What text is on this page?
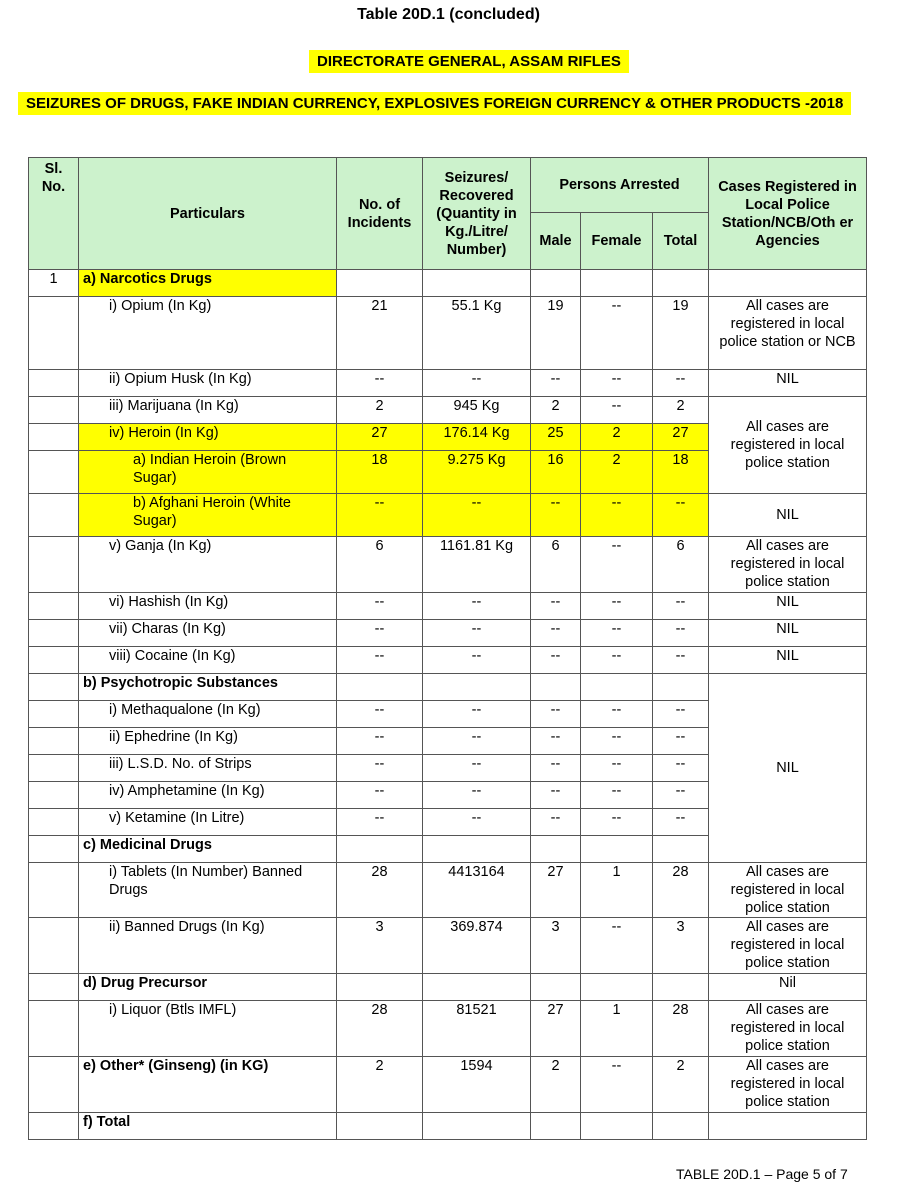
Table 20D.1 (concluded)
DIRECTORATE GENERAL, ASSAM RIFLES
SEIZURES OF DRUGS, FAKE INDIAN CURRENCY, EXPLOSIVES FOREIGN CURRENCY & OTHER PRODUCTS -2018
Sl. No.	Particulars	No. of Incidents	Seizures/ Recovered (Quantity in Kg./Litre/ Number)	Persons Arrested			Cases Registered in Local Police Station/NCB/Oth er Agencies
				Male	Female	Total	
1	a) Narcotics Drugs						
	i) Opium (In Kg)	21	55.1 Kg	19	--	19	All cases are registered in local police station or NCB
	ii) Opium Husk (In Kg)	--	--	--	--	--	NIL
	iii) Marijuana (In Kg)	2	945 Kg	2	--	2	All cases are registered in local police station
	iv) Heroin (In Kg)	27	176.14 Kg	25	2	27	
	a) Indian Heroin (Brown Sugar)	18	9.275 Kg	16	2	18	
	b) Afghani Heroin (White Sugar)	--	--	--	--	--	NIL
	v) Ganja (In Kg)	6	1161.81 Kg	6	--	6	All cases are registered in local police station
	vi) Hashish (In Kg)	--	--	--	--	--	NIL
	vii) Charas (In Kg)	--	--	--	--	--	NIL
	viii) Cocaine (In Kg)	--	--	--	--	--	NIL
	b) Psychotropic Substances						NIL
	i) Methaqualone (In Kg)	--	--	--	--	--	
	ii) Ephedrine (In Kg)	--	--	--	--	--	
	iii) L.S.D. No. of Strips	--	--	--	--	--	
	iv) Amphetamine (In Kg)	--	--	--	--	--	
	v) Ketamine (In Litre)	--	--	--	--	--	
	c) Medicinal Drugs						
	i) Tablets (In Number) Banned Drugs	28	4413164	27	1	28	All cases are registered in local police station
	ii) Banned Drugs (In Kg)	3	369.874	3	--	3	All cases are registered in local police station
	d) Drug Precursor						Nil
	i) Liquor (Btls IMFL)	28	81521	27	1	28	All cases are registered in local police station
	e) Other* (Ginseng) (in KG)	2	1594	2	--	2	All cases are registered in local police station
	f) Total						
TABLE 20D.1 – Page 5 of 7
